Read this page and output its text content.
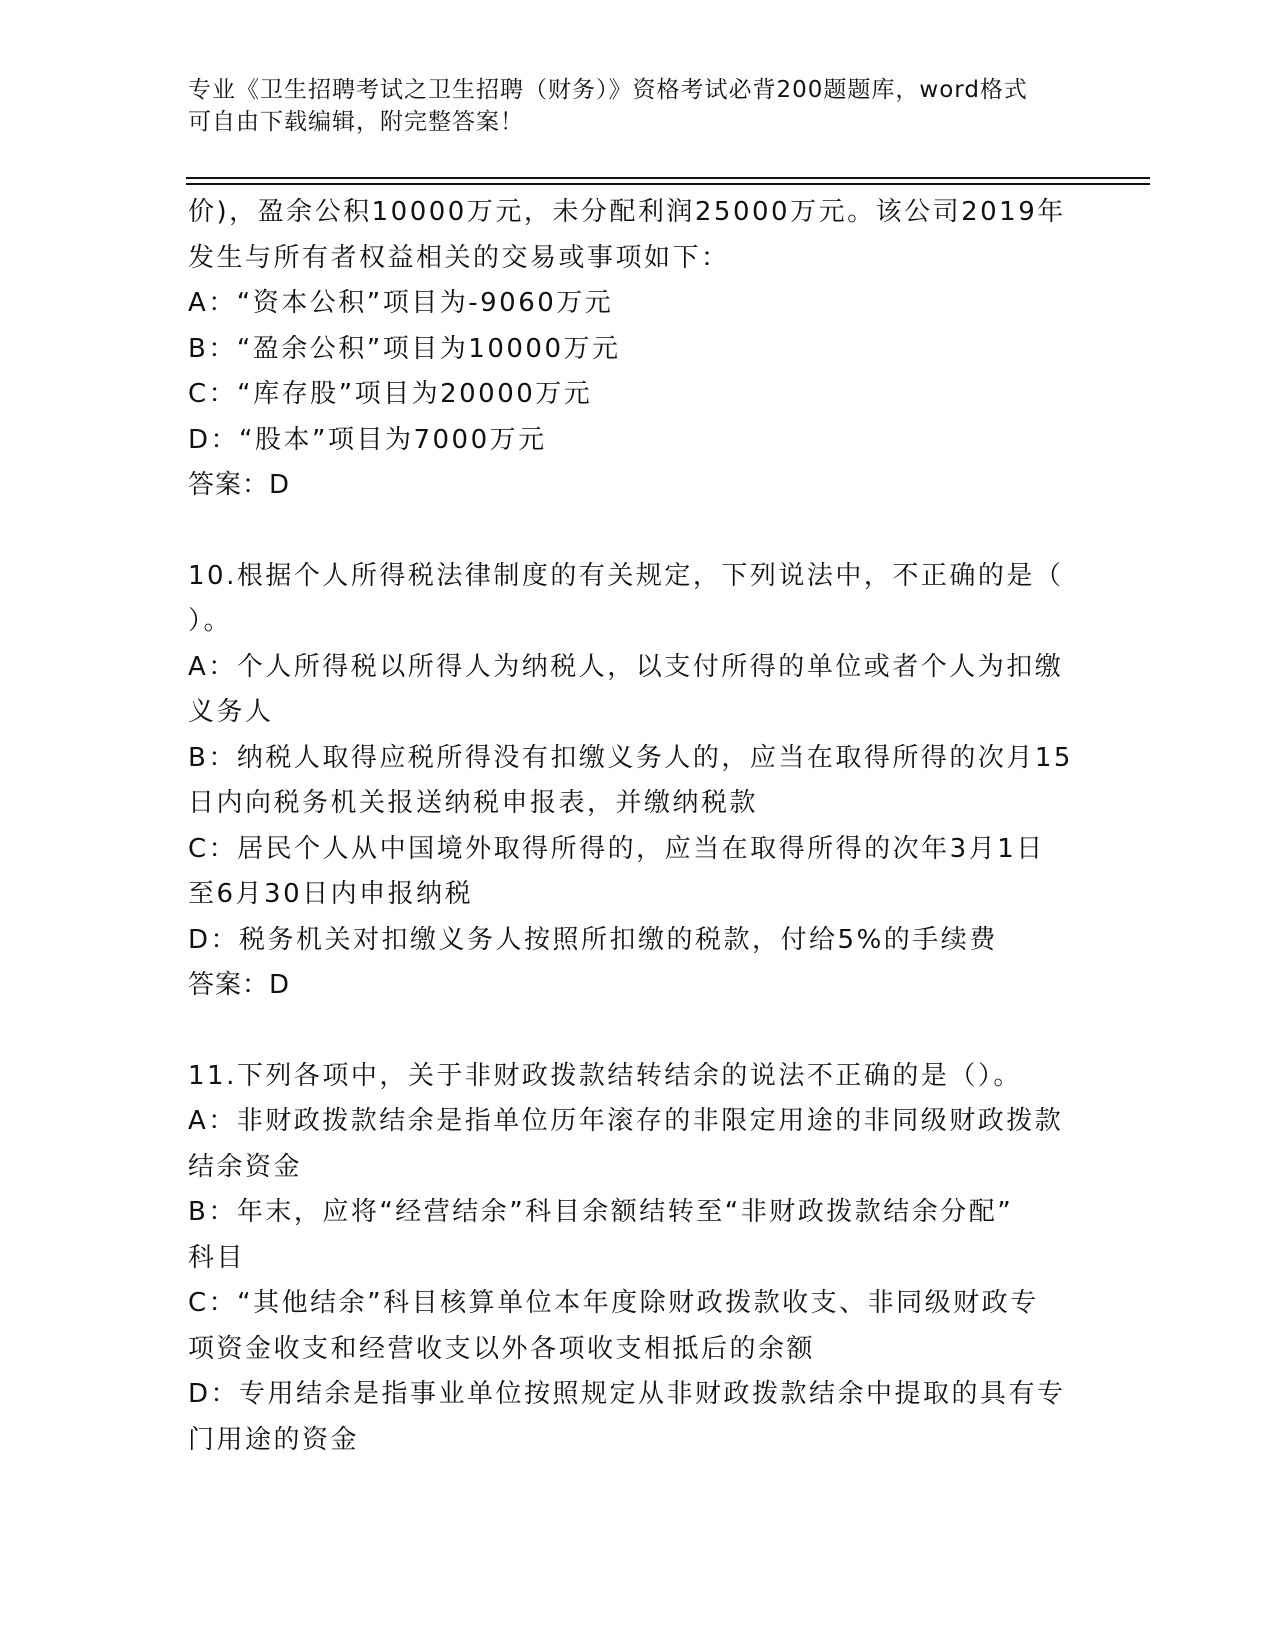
专业《卫生招聘考试之卫生招聘（财务）》资格考试必背200题题库，word格式
可自由下载编辑，附完整答案！
价)，盈余公积10000万元，未分配利润25000万元。该公司2019年
发生与所有者权益相关的交易或事项如下：
A：“资本公积”项目为-9060万元
B：“盈余公积”项目为10000万元
C：“库存股”项目为20000万元
D：“股本”项目为7000万元
答案：D
10.根据个人所得税法律制度的有关规定，下列说法中，不正确的是（
）。
A：个人所得税以所得人为纳税人，以支付所得的单位或者个人为扣缴
义务人
B：纳税人取得应税所得没有扣缴义务人的，应当在取得所得的次月15
日内向税务机关报送纳税申报表，并缴纳税款
C：居民个人从中国境外取得所得的，应当在取得所得的次年3月1日
至6月30日内申报纳税
D：税务机关对扣缴义务人按照所扣缴的税款，付给5%的手续费
答案：D
11.下列各项中，关于非财政拨款结转结余的说法不正确的是（）。
A：非财政拨款结余是指单位历年滚存的非限定用途的非同级财政拨款
结余资金
B：年末，应将“经营结余”科目余额结转至“非财政拨款结余分配”
科目
C：“其他结余”科目核算单位本年度除财政拨款收支、非同级财政专
项资金收支和经营收支以外各项收支相抵后的余额
D：专用结余是指事业单位按照规定从非财政拨款结余中提取的具有专
门用途的资金
